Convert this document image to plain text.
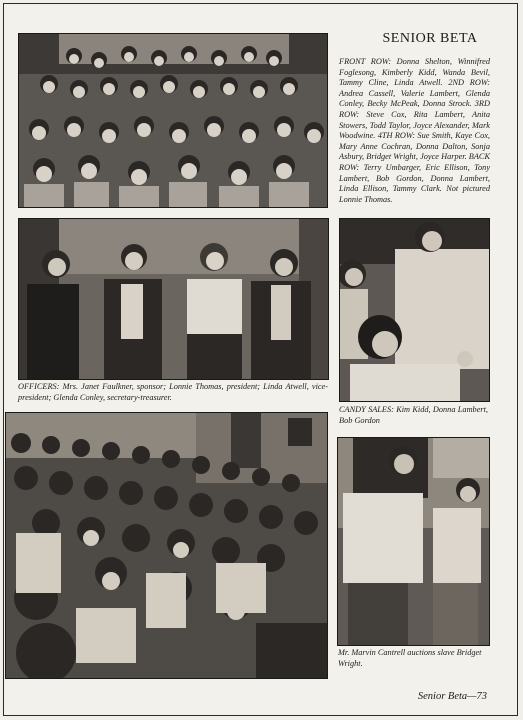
SENIOR BETA
FRONT ROW: Donna Shelton, Winnifred Foglesong, Kimberly Kidd, Wanda Bevil, Tammy Cline, Linda Atwell. 2ND ROW: Andrea Cassell, Valerie Lambert, Glenda Conley, Becky McPeak, Donna Strock. 3RD ROW: Steve Cox, Rita Lambert, Anita Stowers, Todd Taylor, Joyce Alexander, Mark Woodwine. 4TH ROW: Sue Smith, Kaye Cox, Mary Anne Cochran, Donna Dalton, Sonja Asbury, Bridget Wright, Joyce Harper. BACK ROW: Terry Umbarger, Eric Ellison, Tony Lambert, Bob Gordon, Donna Lambert, Linda Ellison, Tammy Clark. Not pictured Lonnie Thomas.
OFFICERS: Mrs. Janet Faulkner, sponsor; Lonnie Thomas, president; Linda Atwell, vice-president; Glenda Conley, secretary-treasurer.
CANDY SALES: Kim Kidd, Donna Lambert, Bob Gordon
Mr. Marvin Cantrell auctions slave Bridget Wright.
Senior Beta—73
